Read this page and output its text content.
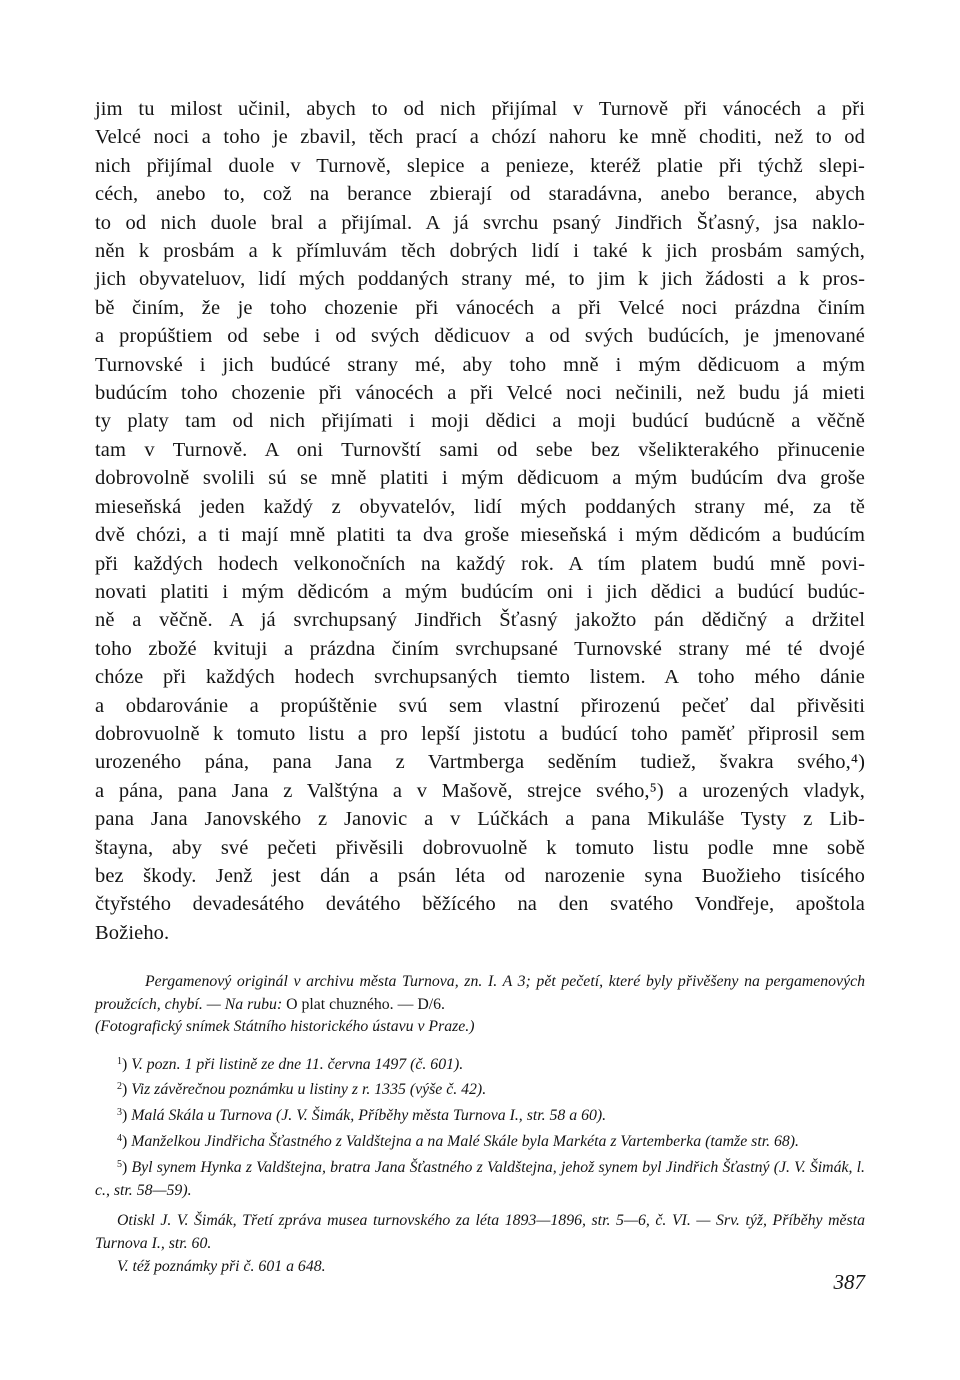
jim tu milost učinil, abych to od nich přijímal v Turnově při vánocéch a při

Velcé noci a toho je zbavil, těch prací a chózí nahoru ke mně choditi, než to od

nich přijímal duole v Turnově, slepice a penieze, kteréž platie při týchž slepi-

céch, anebo to, což na berance zbierají od staradávna, anebo berance, abych

to od nich duole bral a přijímal. A já svrchu psaný Jindřich Šťasný, jsa naklo-

něn k prosbám a k přímluvám těch dobrých lidí i také k jich prosbám samých,

jich obyvateluov, lidí mých poddaných strany mé, to jim k jich žádosti a k pros-

bě činím, že je toho chozenie při vánocéch a při Velcé noci prázdna činím

a propúštiem od sebe i od svých dědicuov a od svých budúcích, je jmenované

Turnovské i jich budúcé strany mé, aby toho mně i mým dědicuom a mým

budúcím toho chozenie při vánocéch a při Velcé noci nečinili, než budu já mieti

ty platy tam od nich přijímati i moji dědici a moji budúcí budúcně a věčně

tam v Turnově. A oni Turnovští sami od sebe bez všelikterakého přinucenie

dobrovolně svolili sú se mně platiti i mým dědicuom a mým budúcím dva groše

mieseňská jeden každý z obyvatelóv, lidí mých poddaných strany mé, za tě

dvě chózi, a ti mají mně platiti ta dva groše mieseňská i mým dědicóm a budúcím

při každých hodech velkonočních na každý rok. A tím platem budú mně povi-

novati platiti i mým dědicóm a mým budúcím oni i jich dědici a budúcí budúc-

ně a věčně. A já svrchupsaný Jindřich Šťasný jakožto pán dědičný a držitel

toho zbožé kvituji a prázdna činím svrchupsané Turnovské strany mé té dvojé

chóze při každých hodech svrchupsaných tiemto listem. A toho mého dánie

a obdarovánie a propúštěnie svú sem vlastní přirozenú pečeť dal přivěsiti

dobrovuolně k tomuto listu a pro lepší jistotu a budúcí toho paměť připrosil sem

urozeného pána, pana Jana z Vartmberga seděním tudiež, švakra svého,⁴)

a pána, pana Jana z Valštýna a v Mašově, strejce svého,⁵) a urozených vladyk,

pana Jana Janovského z Janovic a v Lúčkách a pana Mikuláše Tysty z Lib-

štayna, aby své pečeti přivěsili dobrovuolně k tomuto listu podle mne sobě

bez škody. Jenž jest dán a psán léta od narozenie syna Buožieho tisícého

čtyřstého devadesátého devátého běžícého na den svatého Vondřeje, apoštola

Božieho.

Pergamenový originál v archivu města Turnova, zn. I. A 3; pět pečetí, které byly přivěšeny na pergamenových proužcích, chybí. — Na rubu: O plat chuzného. — D/6.
(Fotografický snímek Státního historického ústavu v Praze.)

$^1$) V. pozn. 1 při listině ze dne 11. června 1497 (č. 601).

$^2$) Viz závěrečnou poznámku u listiny z r. 1335 (výše č. 42).

$^3$) Malá Skála u Turnova (J. V. Šimák, Příběhy města Turnova I., str. 58 a 60).

$^4$) Manželkou Jindřicha Šťastného z Valdštejna a na Malé Skále byla Markéta z Vartemberka (tamže str. 68).

$^5$) Byl synem Hynka z Valdštejna, bratra Jana Šťastného z Valdštejna, jehož synem byl Jindřich Šťastný (J. V. Šimák, l. c., str. 58—59).

Otiskl J. V. Šimák, Třetí zpráva musea turnovského za léta 1893—1896, str. 5—6, č. VI. — Srv. týž, Příběhy města Turnova I., str. 60.

V. též poznámky při č. 601 a 648.

387
